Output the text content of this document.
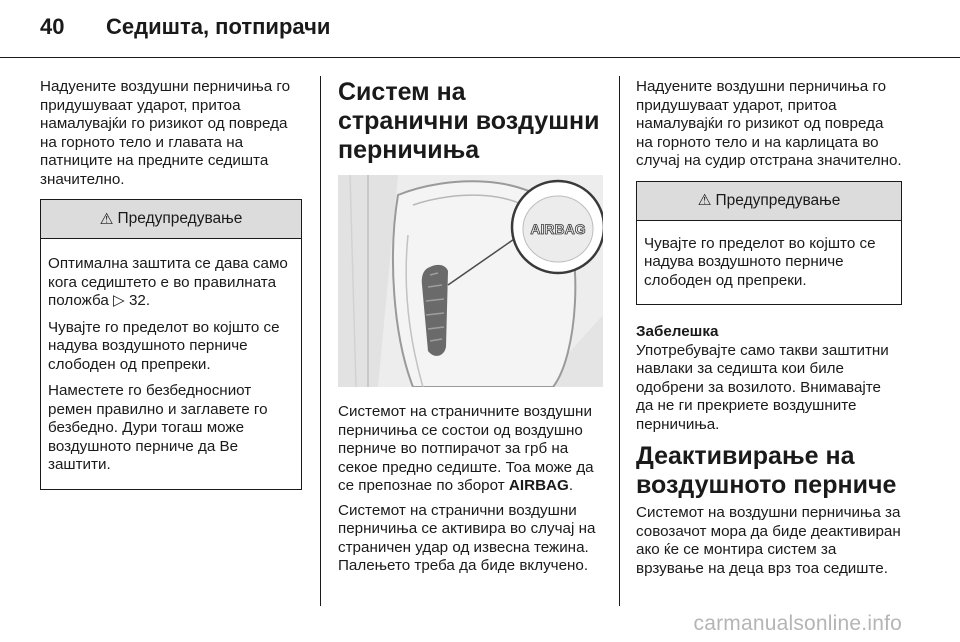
40	Седишта, потпирачи

Надуените воздушни перничиња го придушуваат ударот, притоа намалувајќи го ризикот од повреда на горното тело и главата на патниците на предните седишта значително.

⚠ Предупредување

Оптимална заштита се дава само кога седиштето е во правилната положба ▷ 32.

Чувајте го пределот во којшто се надува воздушното перниче слободен од препреки.

Наместете го безбедносниот ремен правилно и заглавете го безбедно. Дури тогаш може воздушното перниче да Ве заштити.

Систем на странични воздушни перничиња
AIRBAG

Системот на страничните воздушни перничиња се состои од воздушно перниче во потпирачот за грб на секое предно седиште. Тоа може да се препознае по зборот AIRBAG.

Системот на странични воздушни перничиња се активира во случај на страничен удар од извесна тежина. Палењето треба да биде вклучено.

Надуените воздушни перничиња го придушуваат ударот, притоа намалувајќи го ризикот од повреда на горното тело и на карлицата во случај на судир отстрана значително.

⚠ Предупредување

Чувајте го пределот во којшто се надува воздушното перниче слободен од препреки.

Забелешка

Употребувајте само такви заштитни навлаки за седишта кои биле одобрени за возилото. Внимавајте да не ги прекриете воздушните перничиња.

Деактивирање на воздушното перниче

Системот на воздушни перничиња за совозачот мора да биде деактивиран ако ќе се монтира систем за врзување на деца врз тоа седиште.

carmanualsonline.info
